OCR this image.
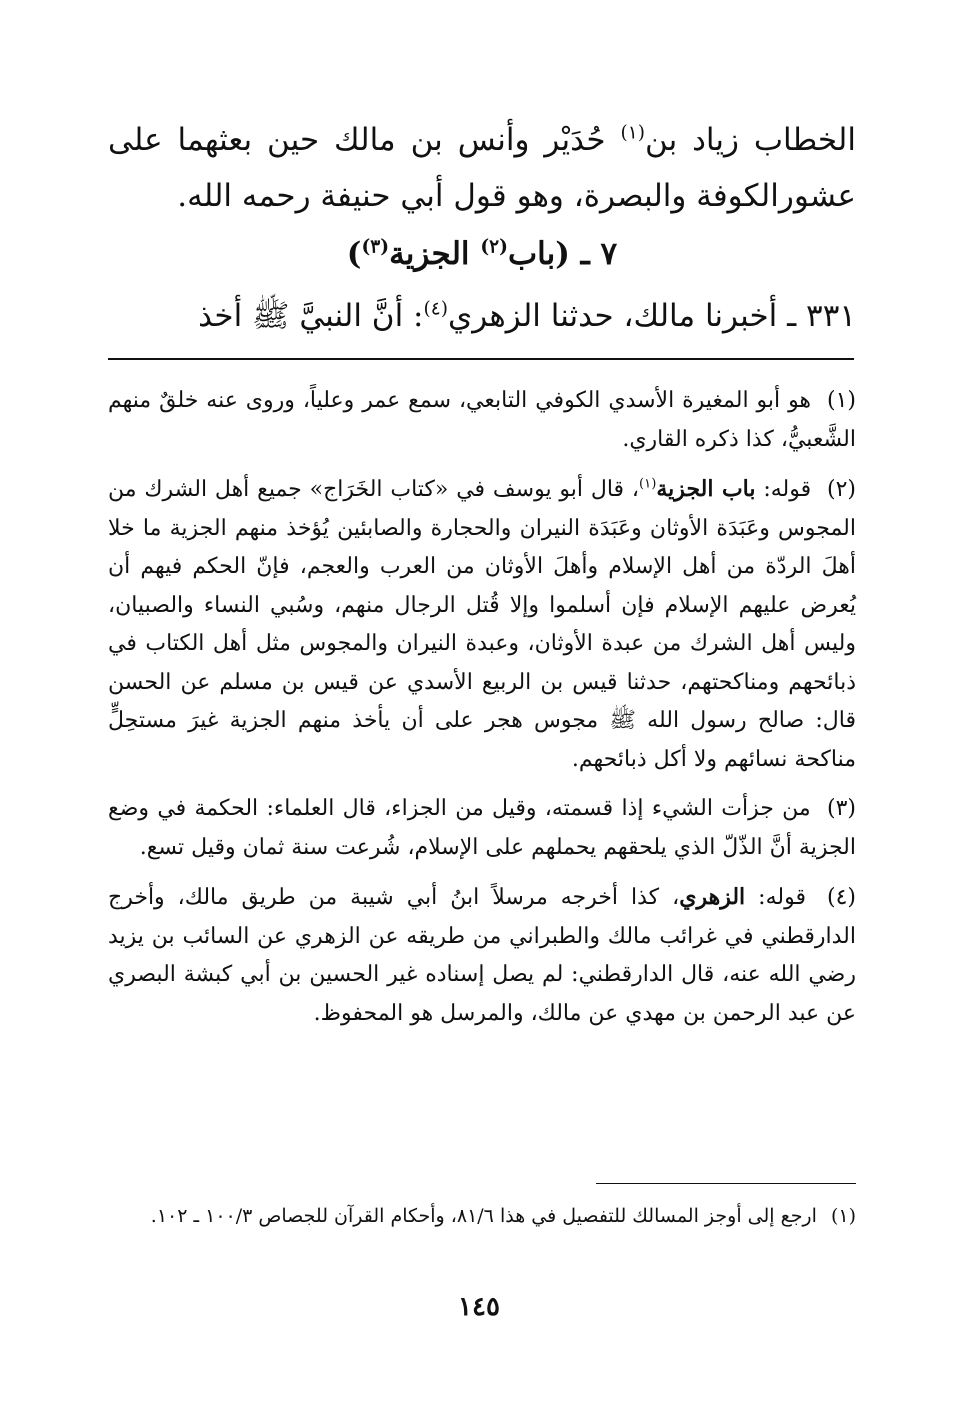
الخطاب زياد بن$^{(١)}$ حُدَيْر وأنس بن مالك حين بعثهما على عشورالكوفة والبصرة، وهو قول أبي حنيفة رحمه الله.

٧ ـ (باب$^{(٢)}$ الجزية$^{(٣)}$)
٣٣١ ـ أخبرنا مالك، حدثنا الزهري$^{(٤)}$: أنَّ النبيَّ ﷺ أخذ

(١) هو أبو المغيرة الأسدي الكوفي التابعي، سمع عمر وعلياً، وروى عنه خلقٌ منهم الشَّعبيُّ، كذا ذكره القاري.

(٢) قوله: باب الجزية$^{(١)}$، قال أبو يوسف في «كتاب الخَرَاج» جميع أهل الشرك من المجوس وعَبَدَة الأوثان وعَبَدَة النيران والحجارة والصابئين يُؤخذ منهم الجزية ما خلا أهلَ الردّة من أهل الإسلام وأهلَ الأوثان من العرب والعجم، فإنّ الحكم فيهم أن يُعرض عليهم الإسلام فإن أسلموا وإلا قُتل الرجال منهم، وسُبي النساء والصبيان، وليس أهل الشرك من عبدة الأوثان، وعبدة النيران والمجوس مثل أهل الكتاب في ذبائحهم ومناكحتهم، حدثنا قيس بن الربيع الأسدي عن قيس بن مسلم عن الحسن قال: صالح رسول الله ﷺ مجوس هجر على أن يأخذ منهم الجزية غيرَ مستحِلٍّ مناكحة نسائهم ولا أكل ذبائحهم.

(٣) من جزأت الشيء إذا قسمته، وقيل من الجزاء، قال العلماء: الحكمة في وضع الجزية أنَّ الذّلّ الذي يلحقهم يحملهم على الإسلام، شُرعت سنة ثمان وقيل تسع.

(٤) قوله: الزهري، كذا أخرجه مرسلاً ابنُ أبي شيبة من طريق مالك، وأخرج الدارقطني في غرائب مالك والطبراني من طريقه عن الزهري عن السائب بن يزيد رضي الله عنه، قال الدارقطني: لم يصل إسناده غير الحسين بن أبي كبشة البصري عن عبد الرحمن بن مهدي عن مالك، والمرسل هو المحفوظ.

(١) ارجع إلى أوجز المسالك للتفصيل في هذا ٨١/٦، وأحكام القرآن للجصاص ١٠٠/٣ ـ ١٠٢.
١٤٥
